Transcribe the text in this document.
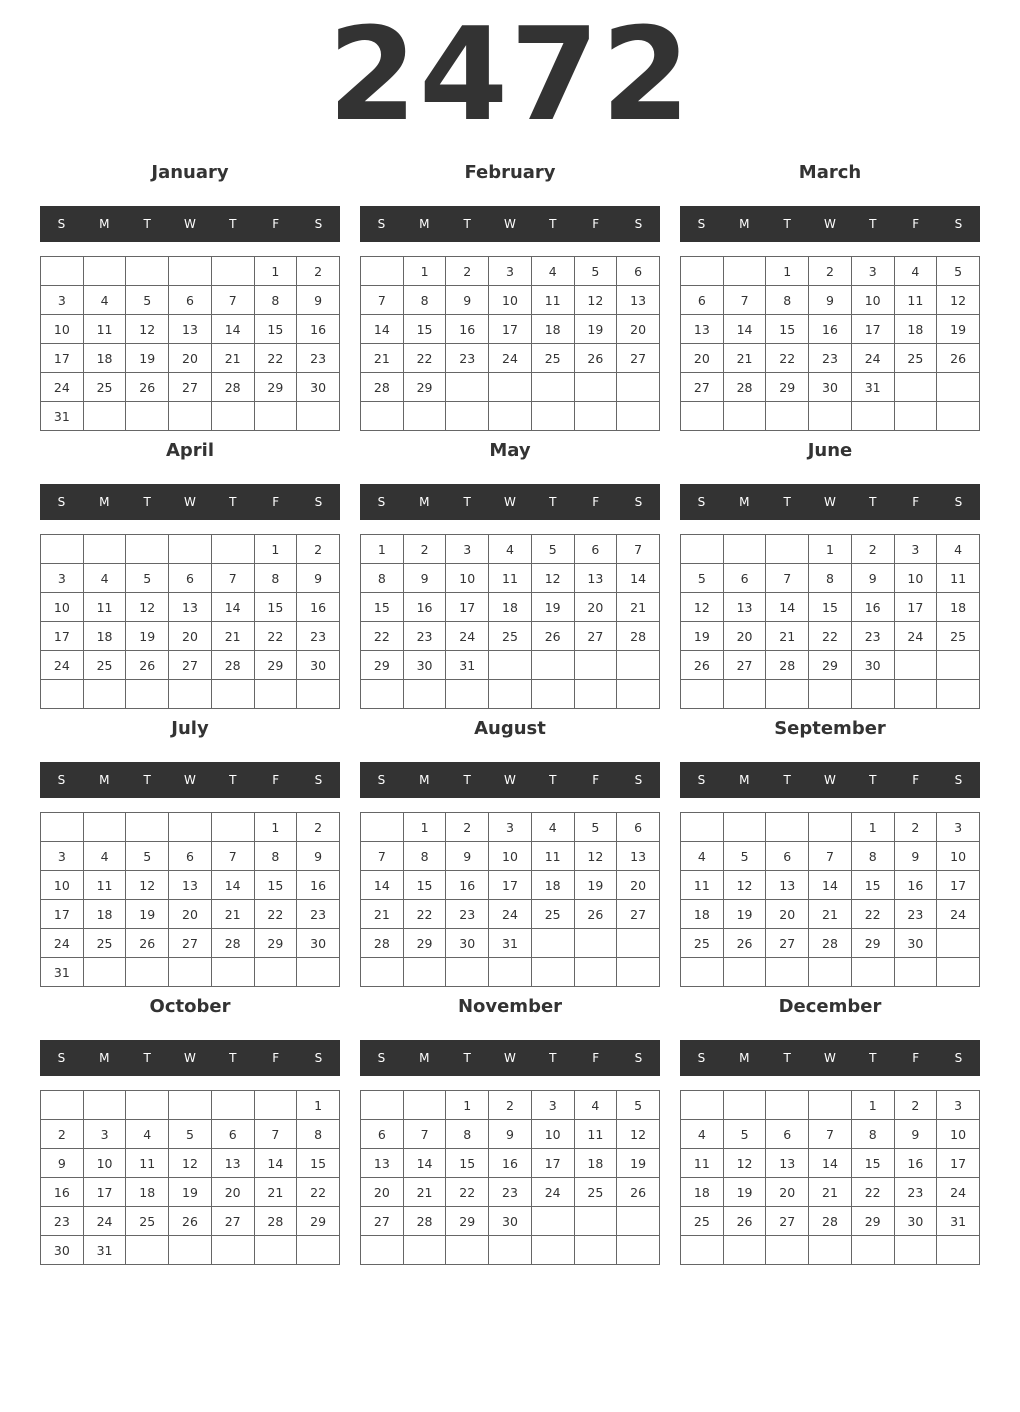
2472
January
S	M	T	W	T	F	S
					1	2
3	4	5	6	7	8	9
10	11	12	13	14	15	16
17	18	19	20	21	22	23
24	25	26	27	28	29	30
31						
February
S	M	T	W	T	F	S
	1	2	3	4	5	6
7	8	9	10	11	12	13
14	15	16	17	18	19	20
21	22	23	24	25	26	27
28	29					

March
S	M	T	W	T	F	S
		1	2	3	4	5
6	7	8	9	10	11	12
13	14	15	16	17	18	19
20	21	22	23	24	25	26
27	28	29	30	31		

April
S	M	T	W	T	F	S
					1	2
3	4	5	6	7	8	9
10	11	12	13	14	15	16
17	18	19	20	21	22	23
24	25	26	27	28	29	30

May
S	M	T	W	T	F	S
1	2	3	4	5	6	7
8	9	10	11	12	13	14
15	16	17	18	19	20	21
22	23	24	25	26	27	28
29	30	31				

June
S	M	T	W	T	F	S
			1	2	3	4
5	6	7	8	9	10	11
12	13	14	15	16	17	18
19	20	21	22	23	24	25
26	27	28	29	30		

July
S	M	T	W	T	F	S
					1	2
3	4	5	6	7	8	9
10	11	12	13	14	15	16
17	18	19	20	21	22	23
24	25	26	27	28	29	30
31						
August
S	M	T	W	T	F	S
	1	2	3	4	5	6
7	8	9	10	11	12	13
14	15	16	17	18	19	20
21	22	23	24	25	26	27
28	29	30	31			

September
S	M	T	W	T	F	S
				1	2	3
4	5	6	7	8	9	10
11	12	13	14	15	16	17
18	19	20	21	22	23	24
25	26	27	28	29	30	

October
S	M	T	W	T	F	S
						1
2	3	4	5	6	7	8
9	10	11	12	13	14	15
16	17	18	19	20	21	22
23	24	25	26	27	28	29
30	31					
November
S	M	T	W	T	F	S
		1	2	3	4	5
6	7	8	9	10	11	12
13	14	15	16	17	18	19
20	21	22	23	24	25	26
27	28	29	30			

December
S	M	T	W	T	F	S
				1	2	3
4	5	6	7	8	9	10
11	12	13	14	15	16	17
18	19	20	21	22	23	24
25	26	27	28	29	30	31
